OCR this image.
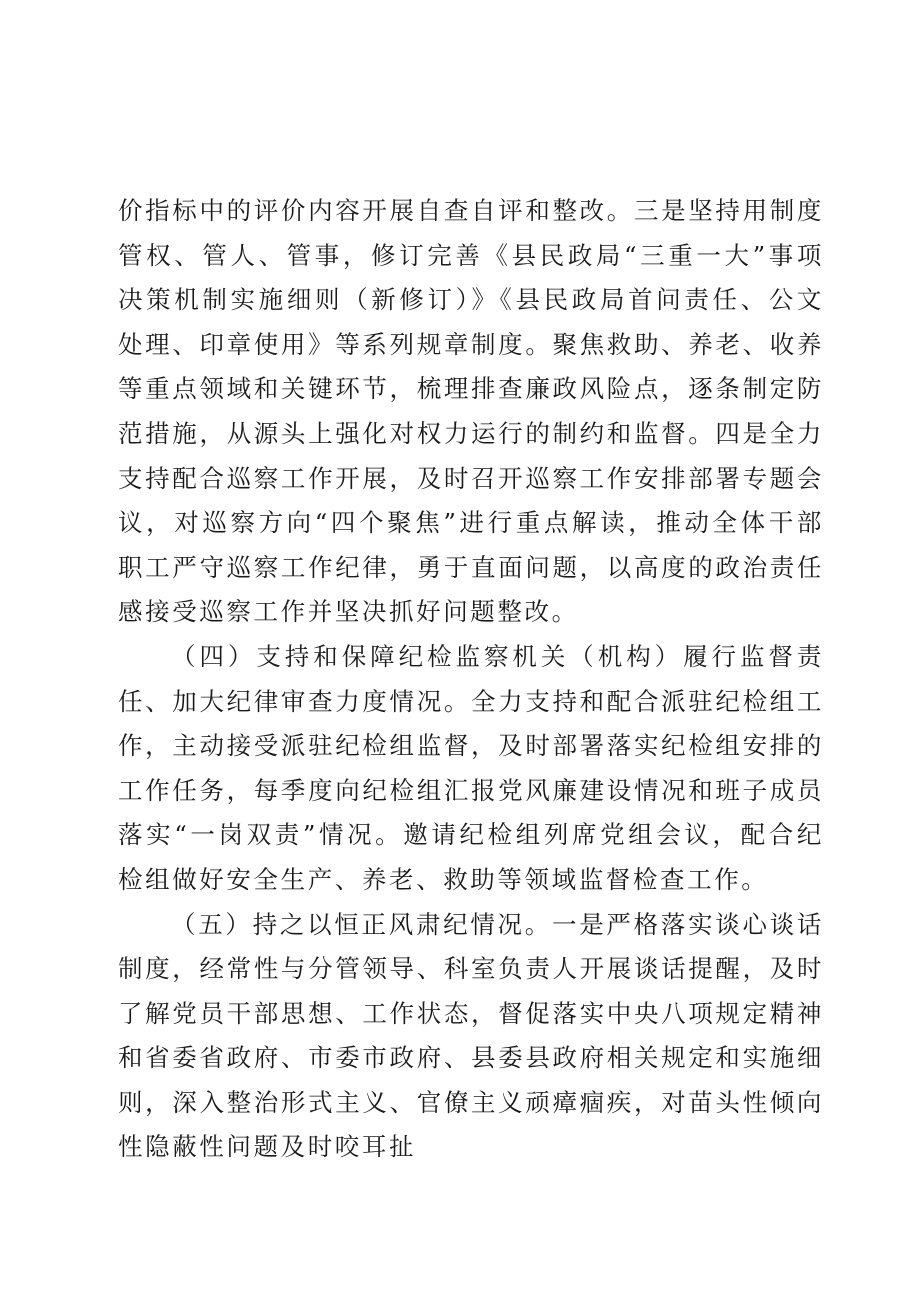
价指标中的评价内容开展自查自评和整改。三是坚持用制度管权、管人、管事，修订完善《县民政局“三重一大”事项决策机制实施细则（新修订）》《县民政局首问责任、公文处理、印章使用》等系列规章制度。聚焦救助、养老、收养等重点领域和关键环节，梳理排查廉政风险点，逐条制定防范措施，从源头上强化对权力运行的制约和监督。四是全力支持配合巡察工作开展，及时召开巡察工作安排部署专题会议，对巡察方向“四个聚焦”进行重点解读，推动全体干部职工严守巡察工作纪律，勇于直面问题，以高度的政治责任感接受巡察工作并坚决抓好问题整改。

（四）支持和保障纪检监察机关（机构）履行监督责任、加大纪律审查力度情况。全力支持和配合派驻纪检组工作，主动接受派驻纪检组监督，及时部署落实纪检组安排的工作任务，每季度向纪检组汇报党风廉建设情况和班子成员落实“一岗双责”情况。邀请纪检组列席党组会议，配合纪检组做好安全生产、养老、救助等领域监督检查工作。

（五）持之以恒正风肃纪情况。一是严格落实谈心谈话制度，经常性与分管领导、科室负责人开展谈话提醒，及时了解党员干部思想、工作状态，督促落实中央八项规定精神和省委省政府、市委市政府、县委县政府相关规定和实施细则，深入整治形式主义、官僚主义顽瘴痼疾，对苗头性倾向性隐蔽性问题及时咬耳扯
